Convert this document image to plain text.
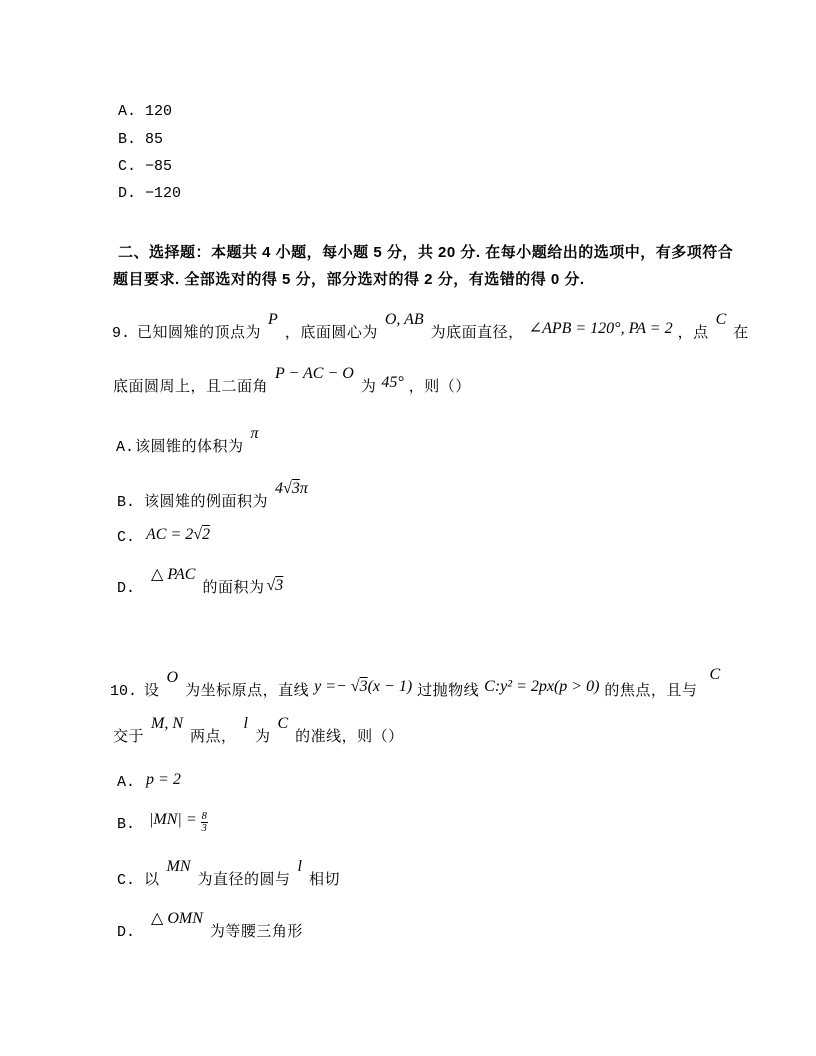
A. 120
B. 85
C. −85
D. −120
二、选择题：本题共 4 小题，每小题 5 分，共 20 分. 在每小题给出的选项中，有多项符合
题目要求. 全部选对的得 5 分，部分选对的得 2 分，有选错的得 0 分.
9. 已知圆雉的顶点为P，底面圆心为O, AB为底面直径， ∠APB = 120°, PA = 2 ，点C在
底面圆周上，且二面角P − AC − O为 45° ，则（）
A.该圆锥的体积为π
B. 该圆雉的例面积为4√3π
C. AC = 2√2
D.△ PAC的面积为 √3
10. 设O为坐标原点，直线 y =− √3(x − 1) 过抛物线 C:y² = 2px(p > 0) 的焦点，且与C
交于M, N两点，l为C的准线，则（）
A. p = 2
B. $|MN| = \frac{8}{3}$
C. 以MN为直径的圆与l相切
D.△ OMN为等腰三角形
